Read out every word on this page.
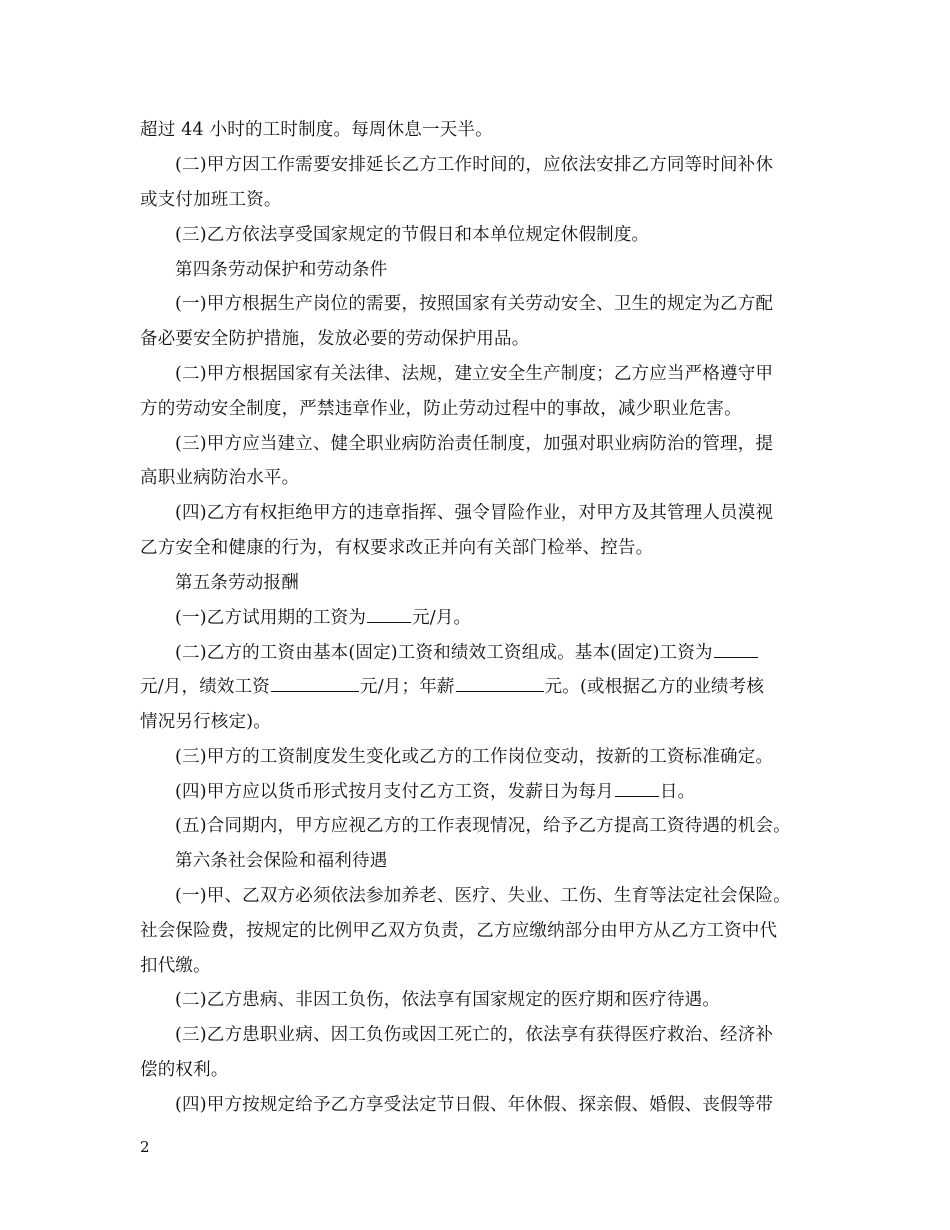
超过 44 小时的工时制度。每周休息一天半。
(二)甲方因工作需要安排延长乙方工作时间的，应依法安排乙方同等时间补休
或支付加班工资。
(三)乙方依法享受国家规定的节假日和本单位规定休假制度。
第四条劳动保护和劳动条件
(一)甲方根据生产岗位的需要，按照国家有关劳动安全、卫生的规定为乙方配
备必要安全防护措施，发放必要的劳动保护用品。
(二)甲方根据国家有关法律、法规，建立安全生产制度；乙方应当严格遵守甲
方的劳动安全制度，严禁违章作业，防止劳动过程中的事故，减少职业危害。
(三)甲方应当建立、健全职业病防治责任制度，加强对职业病防治的管理，提
高职业病防治水平。
(四)乙方有权拒绝甲方的违章指挥、强令冒险作业，对甲方及其管理人员漠视
乙方安全和健康的行为，有权要求改正并向有关部门检举、控告。
第五条劳动报酬
(一)乙方试用期的工资为	元/月。
(二)乙方的工资由基本(固定)工资和绩效工资组成。基本(固定)工资为
元/月，绩效工资	元/月；年薪	元。(或根据乙方的业绩考核
情况另行核定)。
(三)甲方的工资制度发生变化或乙方的工作岗位变动，按新的工资标准确定。
(四)甲方应以货币形式按月支付乙方工资，发薪日为每月	日。
(五)合同期内，甲方应视乙方的工作表现情况，给予乙方提高工资待遇的机会。
第六条社会保险和福利待遇
(一)甲、乙双方必须依法参加养老、医疗、失业、工伤、生育等法定社会保险。
社会保险费，按规定的比例甲乙双方负责，乙方应缴纳部分由甲方从乙方工资中代
扣代缴。
(二)乙方患病、非因工负伤，依法享有国家规定的医疗期和医疗待遇。
(三)乙方患职业病、因工负伤或因工死亡的，依法享有获得医疗救治、经济补
偿的权利。
(四)甲方按规定给予乙方享受法定节日假、年休假、探亲假、婚假、丧假等带
2
